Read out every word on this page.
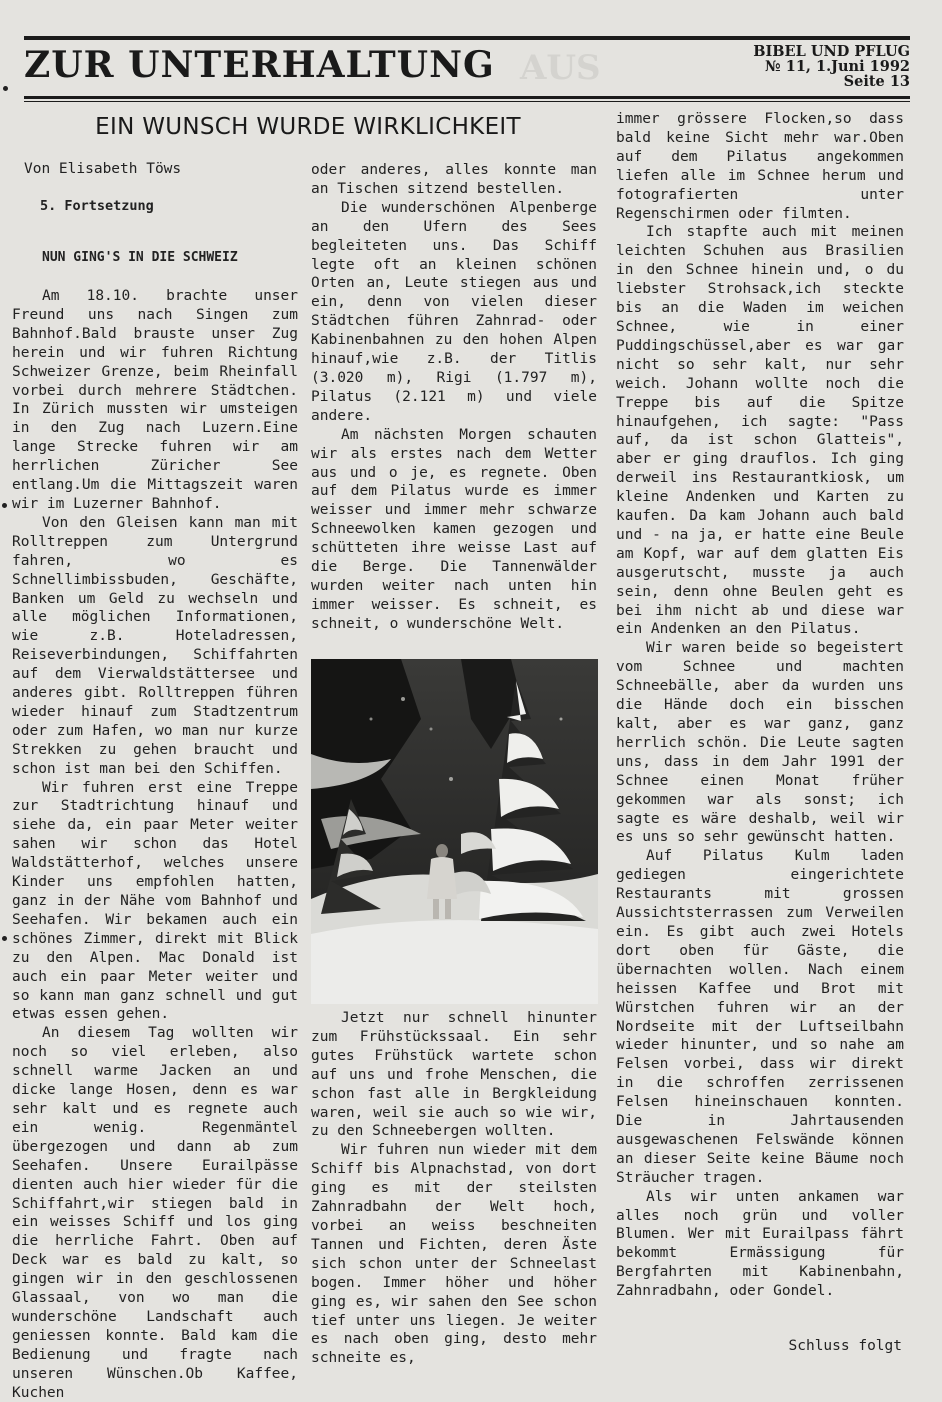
AUS
ZUR UNTERHALTUNG	BIBEL UND PFLUG
№ 11, 1.Juni 1992
Seite 13
EIN WUNSCH WURDE WIRKLICHKEIT
Von Elisabeth Töws
5. Fortsetzung
NUN GING'S IN DIE SCHWEIZ

Am 18.10. brachte unser Freund uns nach Singen zum Bahnhof.Bald brauste unser Zug herein und wir fuhren Richtung Schweizer Grenze, beim Rheinfall vorbei durch mehrere Städtchen. In Zürich mussten wir umsteigen in den Zug nach Luzern.Eine lange Strecke fuhren wir am herrlichen Züricher See entlang.Um die Mittagszeit waren wir im Luzerner Bahnhof.

Von den Gleisen kann man mit Rolltreppen zum Untergrund fahren, wo es Schnellimbissbuden, Geschäfte, Banken um Geld zu wechseln und alle möglichen Informationen, wie z.B. Hoteladressen, Reiseverbindungen, Schiffahrten auf dem Vierwaldstättersee und anderes gibt. Rolltreppen führen wieder hinauf zum Stadtzentrum oder zum Hafen, wo man nur kurze Strekken zu gehen braucht und schon ist man bei den Schiffen.

Wir fuhren erst eine Treppe zur Stadtrichtung hinauf und siehe da, ein paar Meter weiter sahen wir schon das Hotel Waldstätterhof, welches unsere Kinder uns empfohlen hatten, ganz in der Nähe vom Bahnhof und Seehafen. Wir bekamen auch ein schönes Zimmer, direkt mit Blick zu den Alpen. Mac Donald ist auch ein paar Meter weiter und so kann man ganz schnell und gut etwas essen gehen.

An diesem Tag wollten wir noch so viel erleben, also schnell warme Jacken an und dicke lange Hosen, denn es war sehr kalt und es regnete auch ein wenig. Regenmäntel übergezogen und dann ab zum Seehafen. Unsere Eurailpässe dienten auch hier wieder für die Schiffahrt,wir stiegen bald in ein weisses Schiff und los ging die herrliche Fahrt. Oben auf Deck war es bald zu kalt, so gingen wir in den geschlossenen Glassaal, von wo man die wunderschöne Landschaft auch geniessen konnte. Bald kam die Bedienung und fragte nach unseren Wünschen.Ob Kaffee, Kuchen

oder anderes, alles konnte man an Tischen sitzend bestellen.

Die wunderschönen Alpenberge an den Ufern des Sees begleiteten uns. Das Schiff legte oft an kleinen schönen Orten an, Leute stiegen aus und ein, denn von vielen dieser Städtchen führen Zahnrad- oder Kabinenbahnen zu den hohen Alpen hinauf,wie z.B. der Titlis (3.020 m), Rigi (1.797 m), Pilatus (2.121 m) und viele andere.

Am nächsten Morgen schauten wir als erstes nach dem Wetter aus und o je, es regnete. Oben auf dem Pilatus wurde es immer weisser und immer mehr schwarze Schneewolken kamen gezogen und schütteten ihre weisse Last auf die Berge. Die Tannenwälder wurden weiter nach unten hin immer weisser. Es schneit, es schneit, o wunderschöne Welt.

Jetzt nur schnell hinunter zum Frühstückssaal. Ein sehr gutes Frühstück wartete schon auf uns und frohe Menschen, die schon fast alle in Bergkleidung waren, weil sie auch so wie wir, zu den Schneebergen wollten.

Wir fuhren nun wieder mit dem Schiff bis Alpnachstad, von dort ging es mit der steilsten Zahnradbahn der Welt hoch, vorbei an weiss beschneiten Tannen und Fichten, deren Äste sich schon unter der Schneelast bogen. Immer höher und höher ging es, wir sahen den See schon tief unter uns liegen. Je weiter es nach oben ging, desto mehr schneite es,

immer grössere Flocken,so dass bald keine Sicht mehr war.Oben auf dem Pilatus angekommen liefen alle im Schnee herum und fotografierten unter Regenschirmen oder filmten.

Ich stapfte auch mit meinen leichten Schuhen aus Brasilien in den Schnee hinein und, o du liebster Strohsack,ich steckte bis an die Waden im weichen Schnee, wie in einer Puddingschüssel,aber es war gar nicht so sehr kalt, nur sehr weich. Johann wollte noch die Treppe bis auf die Spitze hinaufgehen, ich sagte: "Pass auf, da ist schon Glatteis", aber er ging drauflos. Ich ging derweil ins Restaurantkiosk, um kleine Andenken und Karten zu kaufen. Da kam Johann auch bald und - na ja, er hatte eine Beule am Kopf, war auf dem glatten Eis ausgerutscht, musste ja auch sein, denn ohne Beulen geht es bei ihm nicht ab und diese war ein Andenken an den Pilatus.

Wir waren beide so begeistert vom Schnee und machten Schneebälle, aber da wurden uns die Hände doch ein bisschen kalt, aber es war ganz, ganz herrlich schön. Die Leute sagten uns, dass in dem Jahr 1991 der Schnee einen Monat früher gekommen war als sonst; ich sagte es wäre deshalb, weil wir es uns so sehr gewünscht hatten.

Auf Pilatus Kulm laden gediegen eingerichtete Restaurants mit grossen Aussichtsterrassen zum Verweilen ein. Es gibt auch zwei Hotels dort oben für Gäste, die übernachten wollen. Nach einem heissen Kaffee und Brot mit Würstchen fuhren wir an der Nordseite mit der Luftseilbahn wieder hinunter, und so nahe am Felsen vorbei, dass wir direkt in die schroffen zerrissenen Felsen hineinschauen konnten. Die in Jahrtausenden ausgewaschenen Felswände können an dieser Seite keine Bäume noch Sträucher tragen.

Als wir unten ankamen war alles noch grün und voller Blumen. Wer mit Eurailpass fährt bekommt Ermässigung für Bergfahrten mit Kabinenbahn, Zahnradbahn, oder Gondel.

Schluss folgt
